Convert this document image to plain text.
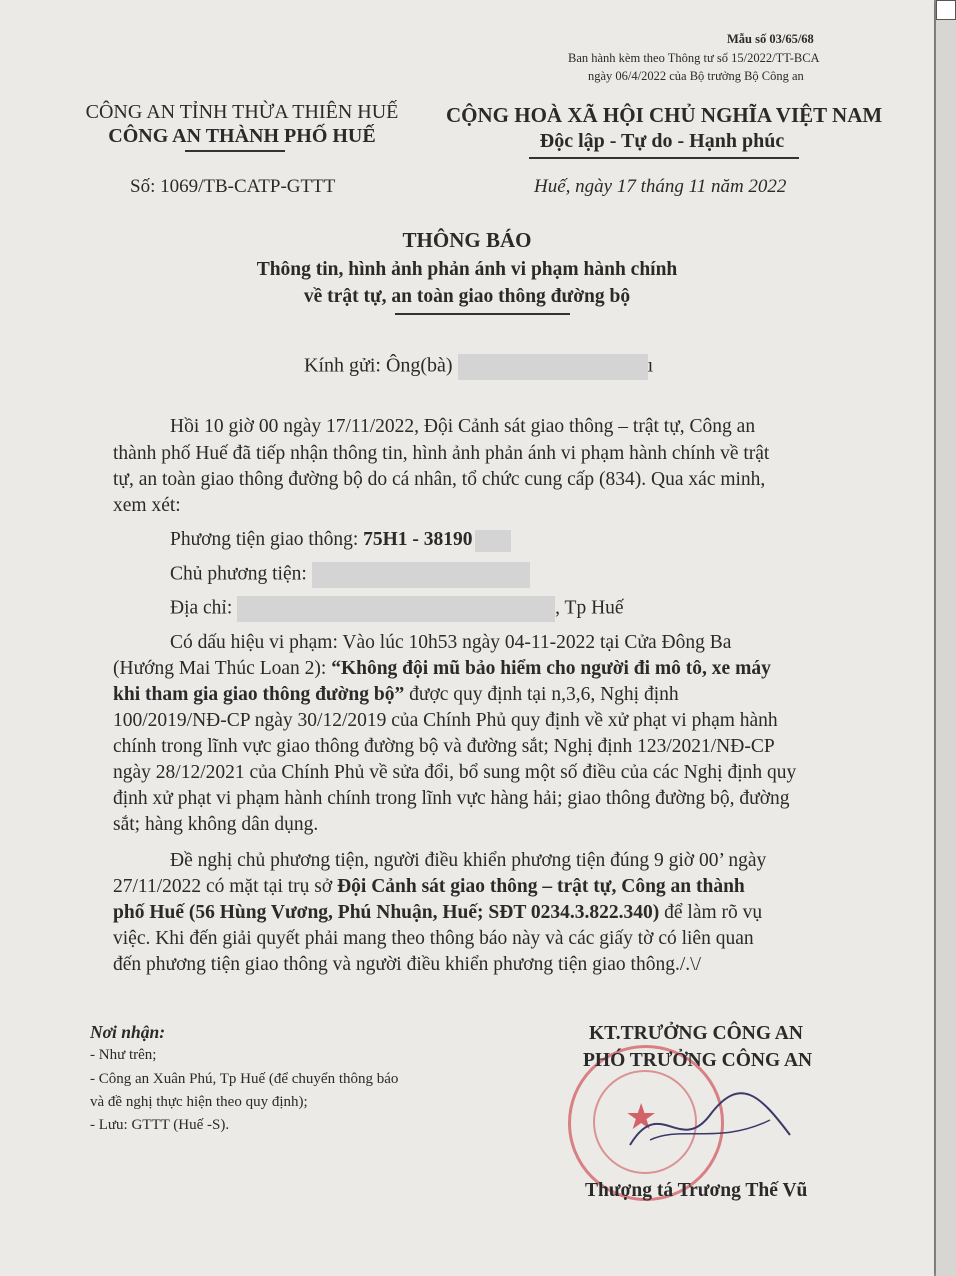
Mẫu số 03/65/68
Ban hành kèm theo Thông tư số 15/2022/TT-BCA
ngày 06/4/2022 của Bộ trưởng Bộ Công an
CÔNG AN TỈNH THỪA THIÊN HUẾ
CÔNG AN THÀNH PHỐ HUẾ
CỘNG HOÀ XÃ HỘI CHỦ NGHĨA VIỆT NAM
Độc lập - Tự do - Hạnh phúc
Số: 1069/TB-CATP-GTTT	Huế, ngày 17 tháng 11 năm 2022
THÔNG BÁO
Thông tin, hình ảnh phản ánh vi phạm hành chính
về trật tự, an toàn giao thông đường bộ
Kính gửi: Ông(bà)	ı
Hồi 10 giờ 00 ngày 17/11/2022, Đội Cảnh sát giao thông – trật tự, Công an
thành phố Huế đã tiếp nhận thông tin, hình ảnh phản ánh vi phạm hành chính về trật
tự, an toàn giao thông đường bộ do cá nhân, tổ chức cung cấp (834). Qua xác minh,
xem xét:
Phương tiện giao thông: 75H1 - 38190
Chủ phương tiện:
Địa chỉ:	, Tp Huế
Có dấu hiệu vi phạm: Vào lúc 10h53 ngày 04-11-2022 tại Cửa Đông Ba
(Hướng Mai Thúc Loan 2): “Không đội mũ bảo hiểm cho người đi mô tô, xe máy
khi tham gia giao thông đường bộ” được quy định tại n,3,6, Nghị định
100/2019/NĐ-CP ngày 30/12/2019 của Chính Phủ quy định về xử phạt vi phạm hành
chính trong lĩnh vực giao thông đường bộ và đường sắt; Nghị định 123/2021/NĐ-CP
ngày 28/12/2021 của Chính Phủ về sửa đổi, bổ sung một số điều của các Nghị định quy
định xử phạt vi phạm hành chính trong lĩnh vực hàng hải; giao thông đường bộ, đường
sắt; hàng không dân dụng.
Đề nghị chủ phương tiện, người điều khiển phương tiện đúng 9 giờ 00’ ngày
27/11/2022 có mặt tại trụ sở Đội Cảnh sát giao thông – trật tự, Công an thành
phố Huế (56 Hùng Vương, Phú Nhuận, Huế; SĐT 0234.3.822.340) để làm rõ vụ
việc. Khi đến giải quyết phải mang theo thông báo này và các giấy tờ có liên quan
đến phương tiện giao thông và người điều khiển phương tiện giao thông./.\/
Nơi nhận:
- Như trên;
- Công an Xuân Phú, Tp Huế (để chuyển thông báo
và đề nghị thực hiện theo quy định);
- Lưu: GTTT (Huế -S).	★
KT.TRƯỞNG CÔNG AN
PHÓ TRƯỞNG CÔNG AN
Thượng tá Trương Thế Vũ
